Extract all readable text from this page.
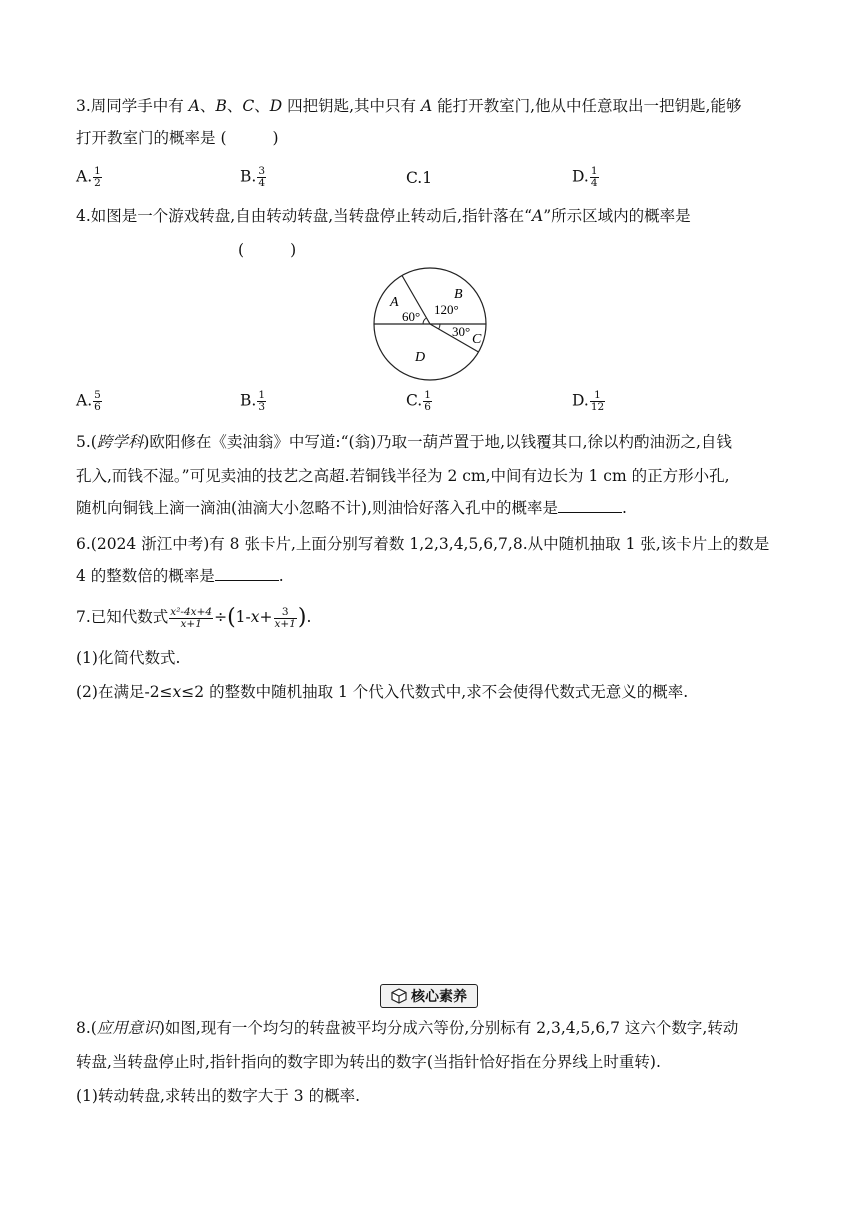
3.周同学手中有 A、B、C、D 四把钥匙,其中只有 A 能打开教室门,他从中任意取出一把钥匙,能够
打开教室门的概率是 (	)
A. $\frac{1}{2}$	B. $\frac{3}{4}$	C.1	D. $\frac{1}{4}$
4.如图是一个游戏转盘,自由转动转盘,当转盘停止转动后,指针落在“A”所示区域内的概率是
(	)
A
B
C
D
60° 120°
30°
A. $\frac{5}{6}$	B. $\frac{1}{3}$	C. $\frac{1}{6}$	D. $\frac{1}{12}$
5.(跨学科)欧阳修在《卖油翁》中写道:“(翁)乃取一葫芦置于地,以钱覆其口,徐以杓酌油沥之,自钱
孔入,而钱不湿。”可见卖油的技艺之高超.若铜钱半径为 2 cm,中间有边长为 1 cm 的正方形小孔,
随机向铜钱上滴一滴油(油滴大小忽略不计),则油恰好落入孔中的概率是	.
6.(2024 浙江中考)有 8 张卡片,上面分别写着数 1,2,3,4,5,6,7,8.从中随机抽取 1 张,该卡片上的数是
4 的整数倍的概率是	.
7.已知代数式 $\frac{\text{x²-4x+4}}{x+1} \div(1-x+ \frac{3}{x+1}$ ).
(1)化简代数式.
(2)在满足-2≤x≤2 的整数中随机抽取 1 个代入代数式中,求不会使得代数式无意义的概率.
核心素养
8.(应用意识)如图,现有一个均匀的转盘被平均分成六等份,分别标有 2,3,4,5,6,7 这六个数字,转动
转盘,当转盘停止时,指针指向的数字即为转出的数字(当指针恰好指在分界线上时重转).
(1)转动转盘,求转出的数字大于 3 的概率.
